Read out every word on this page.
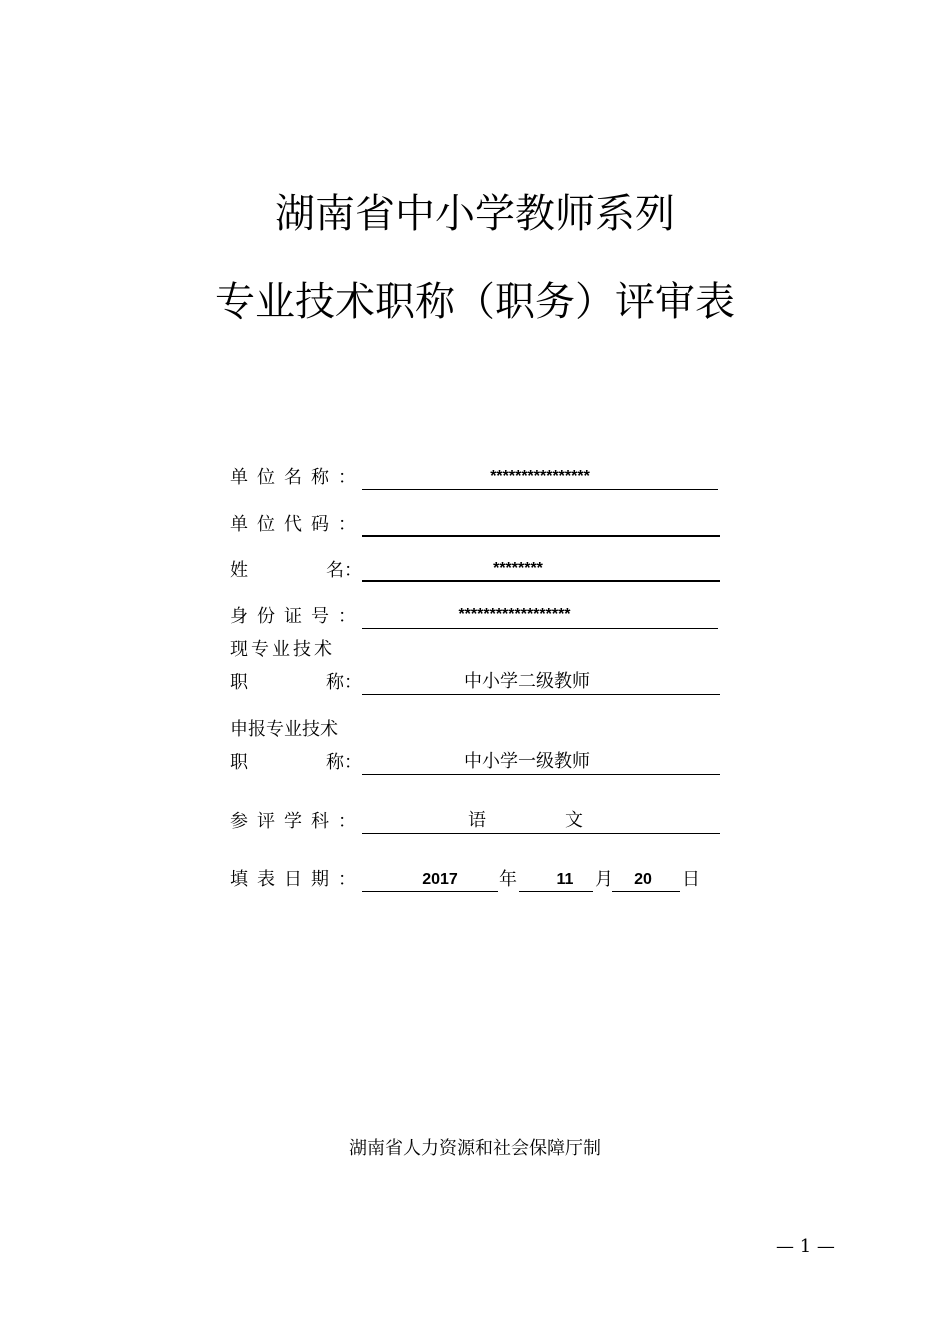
湖南省中小学教师系列
专业技术职称（职务）评审表
单位名称：	****************
单位代码：
姓	名：	********
身份证号：	******************
现专业技术
职	称：	中小学二级教师
申报专业技术
职	称：	中小学一级教师
参评学科：	语	文
填表日期：	2017	年	11	月	20	日
湖南省人力资源和社会保障厅制
— 1 —
